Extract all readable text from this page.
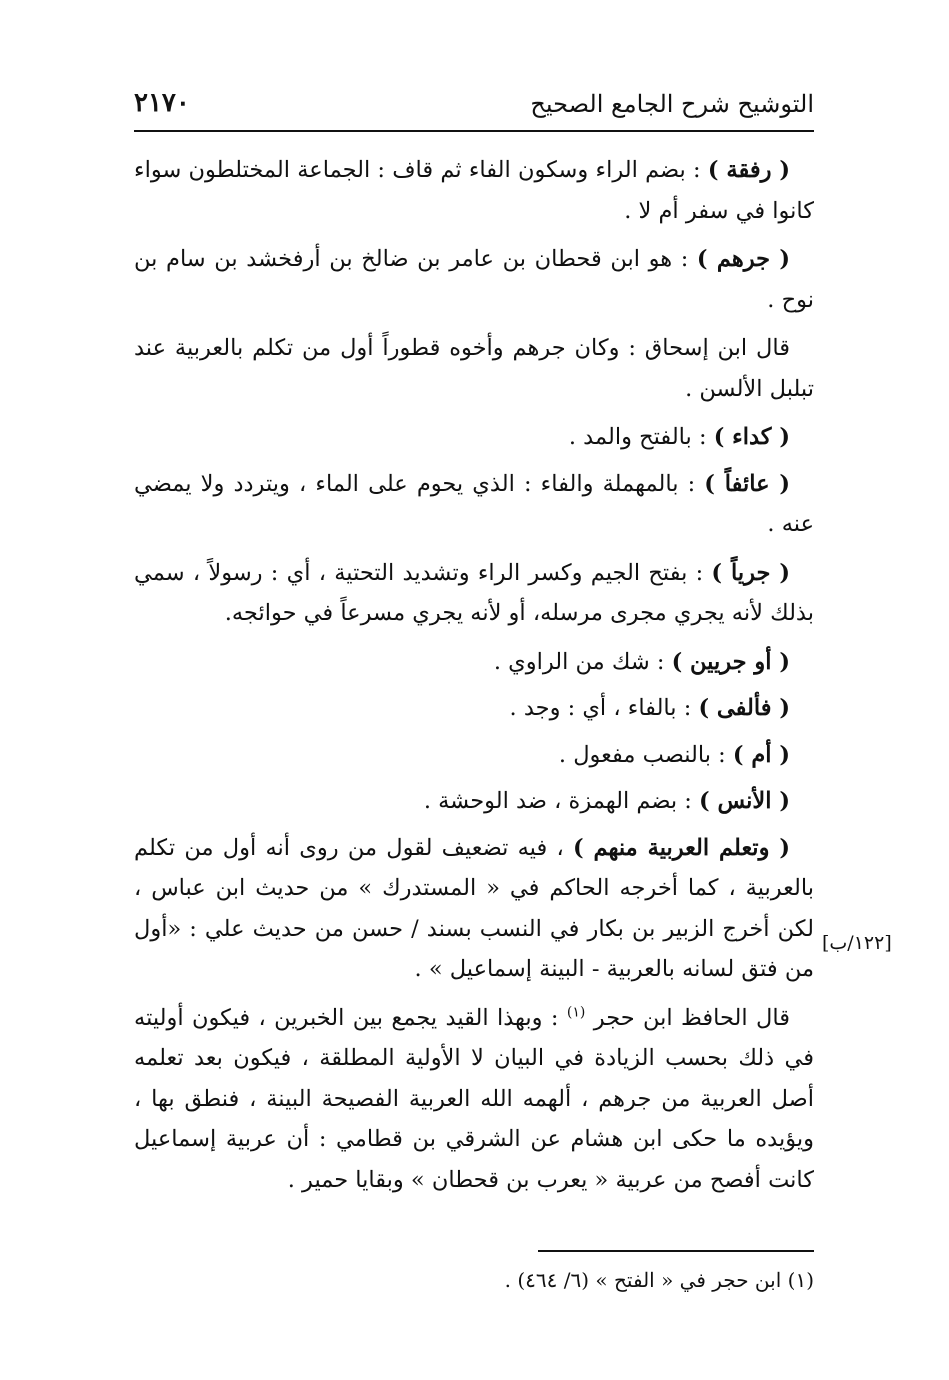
٢١٧٠	التوشيح شرح الجامع الصحيح

( رفقة ) : بضم الراء وسكون الفاء ثم قاف : الجماعة المختلطون سواء كانوا في سفر أم لا .

( جرهم ) : هو ابن قحطان بن عامر بن ضالخ بن أرفخشد بن سام بن نوح .

قال ابن إسحاق : وكان جرهم وأخوه قطوراً أول من تكلم بالعربية عند تبلبل الألسن .

( كداء ) : بالفتح والمد .

( عائفاً ) : بالمهملة والفاء : الذي يحوم على الماء ، ويتردد ولا يمضي عنه .

( جرياً ) : بفتح الجيم وكسر الراء وتشديد التحتية ، أي : رسولاً ، سمي بذلك لأنه يجري مجرى مرسله، أو لأنه يجري مسرعاً في حوائجه.

( أو جريين ) : شك من الراوي .

( فألفى ) : بالفاء ، أي : وجد .

( أم ) : بالنصب مفعول .

( الأنس ) : بضم الهمزة ، ضد الوحشة .

( وتعلم العربية منهم ) ، فيه تضعيف لقول من روى أنه أول من تكلم بالعربية ، كما أخرجه الحاكم في « المستدرك » من حديث ابن عباس ، لكن أخرج الزبير بن بكار في النسب بسند / حسن من حديث علي : «أول من فتق لسانه بالعربية - البينة إسماعيل » .

قال الحافظ ابن حجر $^{(١)}$ : وبهذا القيد يجمع بين الخبرين ، فيكون أوليته في ذلك بحسب الزيادة في البيان لا الأولية المطلقة ، فيكون بعد تعلمه أصل العربية من جرهم ، ألهمه الله العربية الفصيحة البينة ، فنطق بها ، ويؤيده ما حكى ابن هشام عن الشرقي بن قطامي : أن عربية إسماعيل كانت أفصح من عربية « يعرب بن قحطان » وبقايا حمير .

[١٢٢/ب]
(١) ابن حجر في « الفتح » (٦/ ٤٦٤) .
